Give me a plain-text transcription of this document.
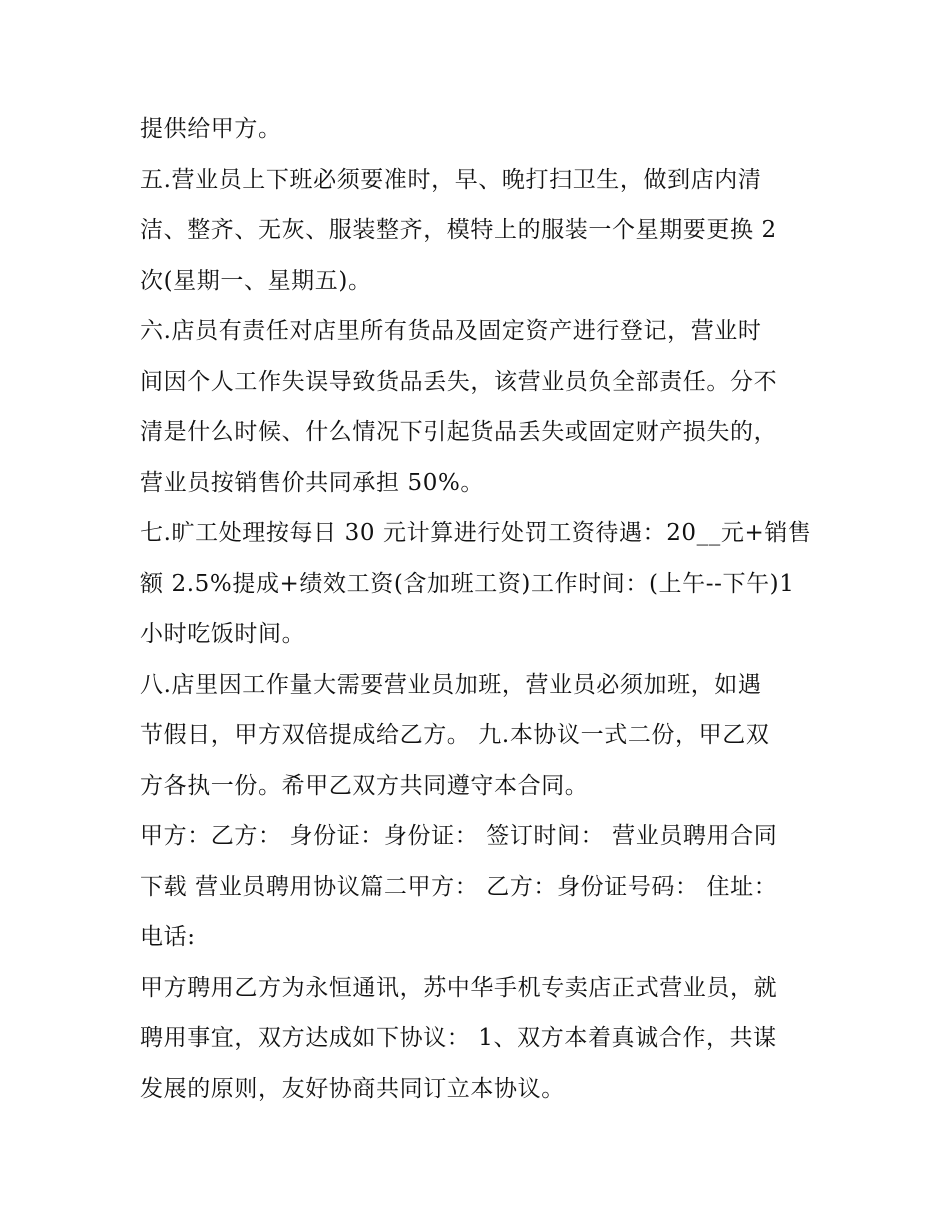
提供给甲方。
五.营业员上下班必须要准时，早、晚打扫卫生，做到店内清
洁、整齐、无灰、服装整齐，模特上的服装一个星期要更换 2
次(星期一、星期五)。
六.店员有责任对店里所有货品及固定资产进行登记，营业时
间因个人工作失误导致货品丢失，该营业员负全部责任。分不
清是什么时候、什么情况下引起货品丢失或固定财产损失的，
营业员按销售价共同承担 50%。
七.旷工处理按每日 30 元计算进行处罚工资待遇：20__元+销售
额 2.5%提成+绩效工资(含加班工资)工作时间：(上午--下午)1
小时吃饭时间。
八.店里因工作量大需要营业员加班，营业员必须加班，如遇
节假日，甲方双倍提成给乙方。 九.本协议一式二份，甲乙双
方各执一份。希甲乙双方共同遵守本合同。
甲方：乙方： 身份证：身份证： 签订时间： 营业员聘用合同
下载 营业员聘用协议篇二甲方： 乙方：身份证号码： 住址：
电话:
甲方聘用乙方为永恒通讯，苏中华手机专卖店正式营业员，就
聘用事宜，双方达成如下协议： 1、双方本着真诚合作，共谋
发展的原则，友好协商共同订立本协议。
